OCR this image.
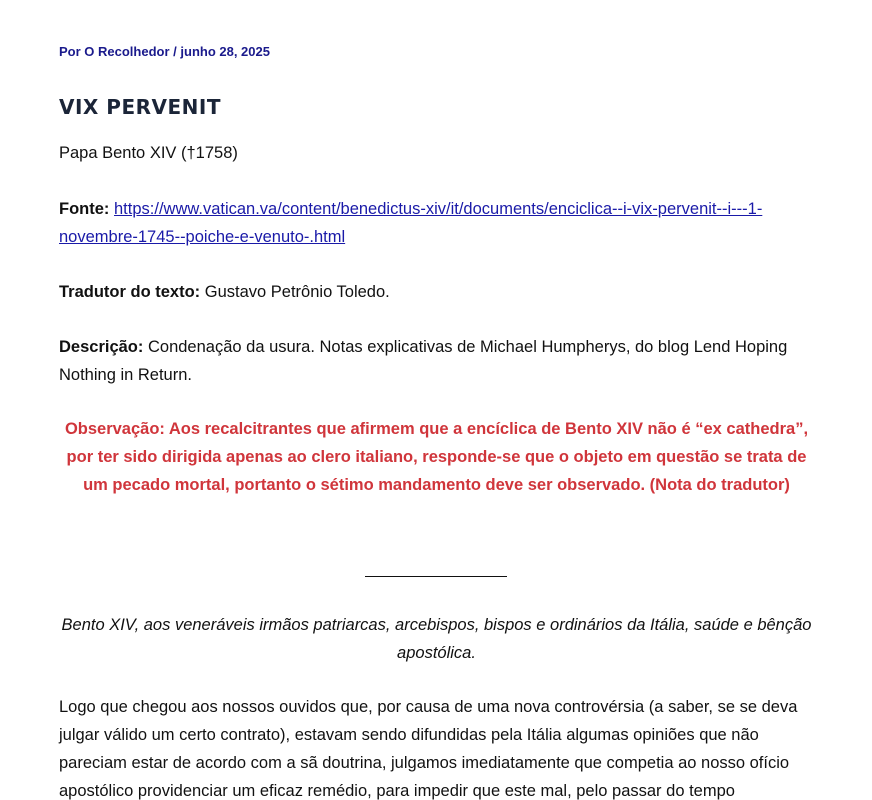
Por O Recolhedor / junho 28, 2025
VIX PERVENIT

Papa Bento XIV (†1758)

Fonte: https://www.vatican.va/content/benedictus-xiv/it/documents/enciclica--i-vix-pervenit--i---1-novembre-1745--poiche-e-venuto-.html

Tradutor do texto: Gustavo Petrônio Toledo.

Descrição: Condenação da usura. Notas explicativas de Michael Humpherys, do blog Lend Hoping Nothing in Return.

Observação: Aos recalcitrantes que afirmem que a encíclica de Bento XIV não é “ex cathedra”, por ter sido dirigida apenas ao clero italiano, responde-se que o objeto em questão se trata de um pecado mortal, portanto o sétimo mandamento deve ser observado. (Nota do tradutor)

Bento XIV, aos veneráveis irmãos patriarcas, arcebispos, bispos e ordinários da Itália, saúde e bênção apostólica.

Logo que chegou aos nossos ouvidos que, por causa de uma nova controvérsia (a saber, se se deva julgar válido um certo contrato), estavam sendo difundidas pela Itália algumas opiniões que não pareciam estar de acordo com a sã doutrina, julgamos imediatamente que competia ao nosso ofício apostólico providenciar um eficaz remédio, para impedir que este mal, pelo passar do tempo
